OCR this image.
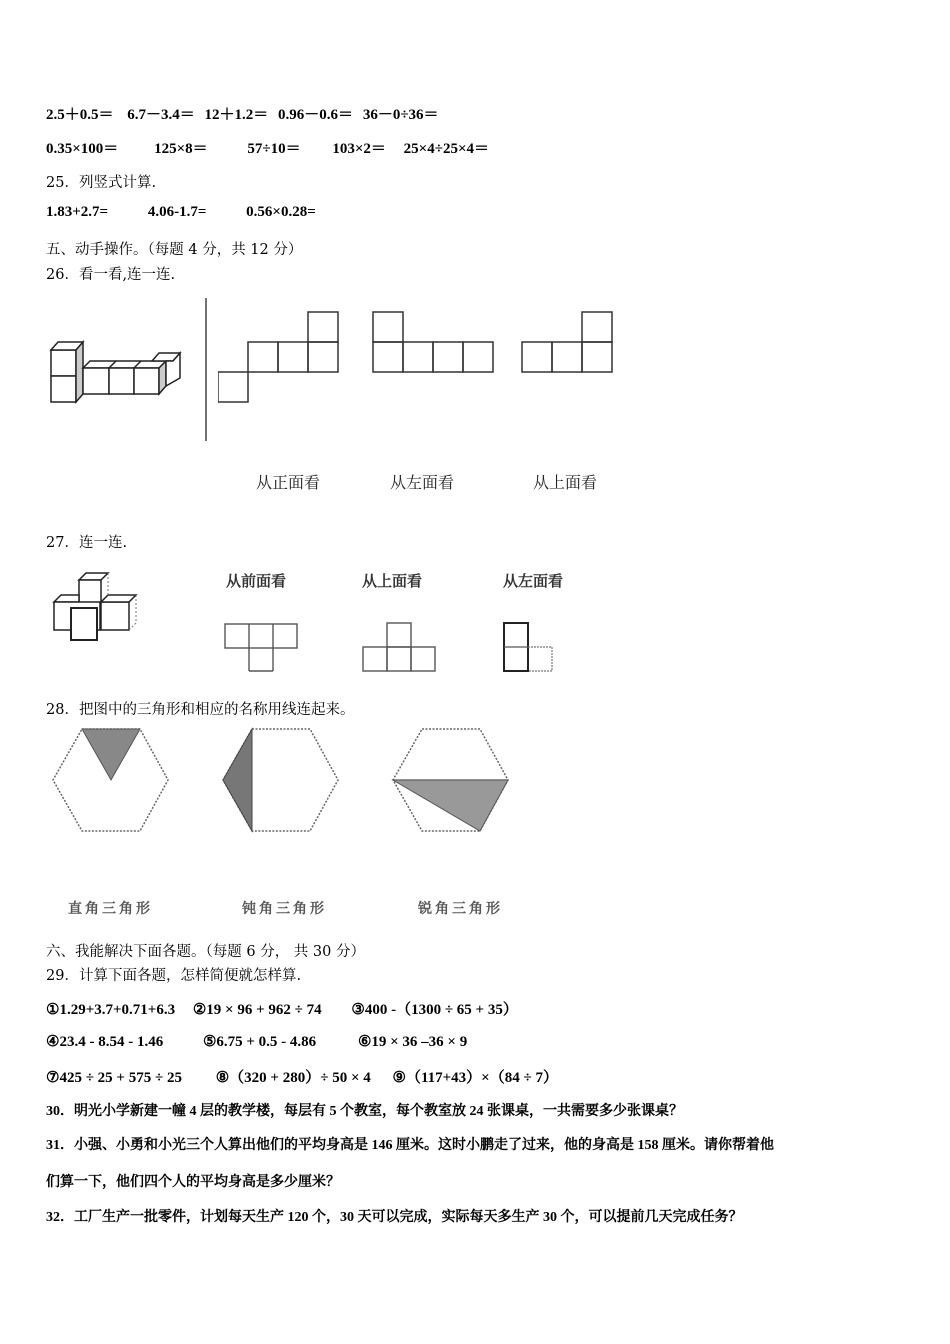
2.5＋0.5＝ 6.7－3.4＝ 12＋1.2＝ 0.96－0.6＝ 36－0÷36＝
0.35×100＝ 125×8＝	57÷10＝ 103×2＝ 25×4÷25×4＝
25．列竖式计算.
1.83+2.7=	4.06-1.7=	0.56×0.28=
五、动手操作。（每题 4 分，共 12 分）
26．看一看,连一连.
从正面看	从左面看	从上面看
27．连一连.
从前面看	从上面看	从左面看
28．把图中的三角形和相应的名称用线连起来。
直角三角形	钝角三角形	锐角三角形
六、我能解决下面各题。（每题 6 分， 共 30 分）
29．计算下面各题，怎样简便就怎样算.
①1.29+3.7+0.71+6.3 ②19 × 96 + 962 ÷ 74 ③400 -（1300 ÷ 65 + 35）
④23.4 - 8.54 - 1.46	⑤6.75 + 0.5 - 4.86	⑥19 × 36 –36 × 9
⑦425 ÷ 25 + 575 ÷ 25 ⑧（320 + 280）÷ 50 × 4 ⑨（117+43）×（84 ÷ 7）
30．明光小学新建一幢 4 层的教学楼，每层有 5 个教室，每个教室放 24 张课桌，一共需要多少张课桌？
31．小强、小勇和小光三个人算出他们的平均身高是 146 厘米。这时小鹏走了过来，他的身高是 158 厘米。请你帮着他
们算一下，他们四个人的平均身高是多少厘米？
32．工厂生产一批零件，计划每天生产 120 个，30 天可以完成，实际每天多生产 30 个，可以提前几天完成任务？
